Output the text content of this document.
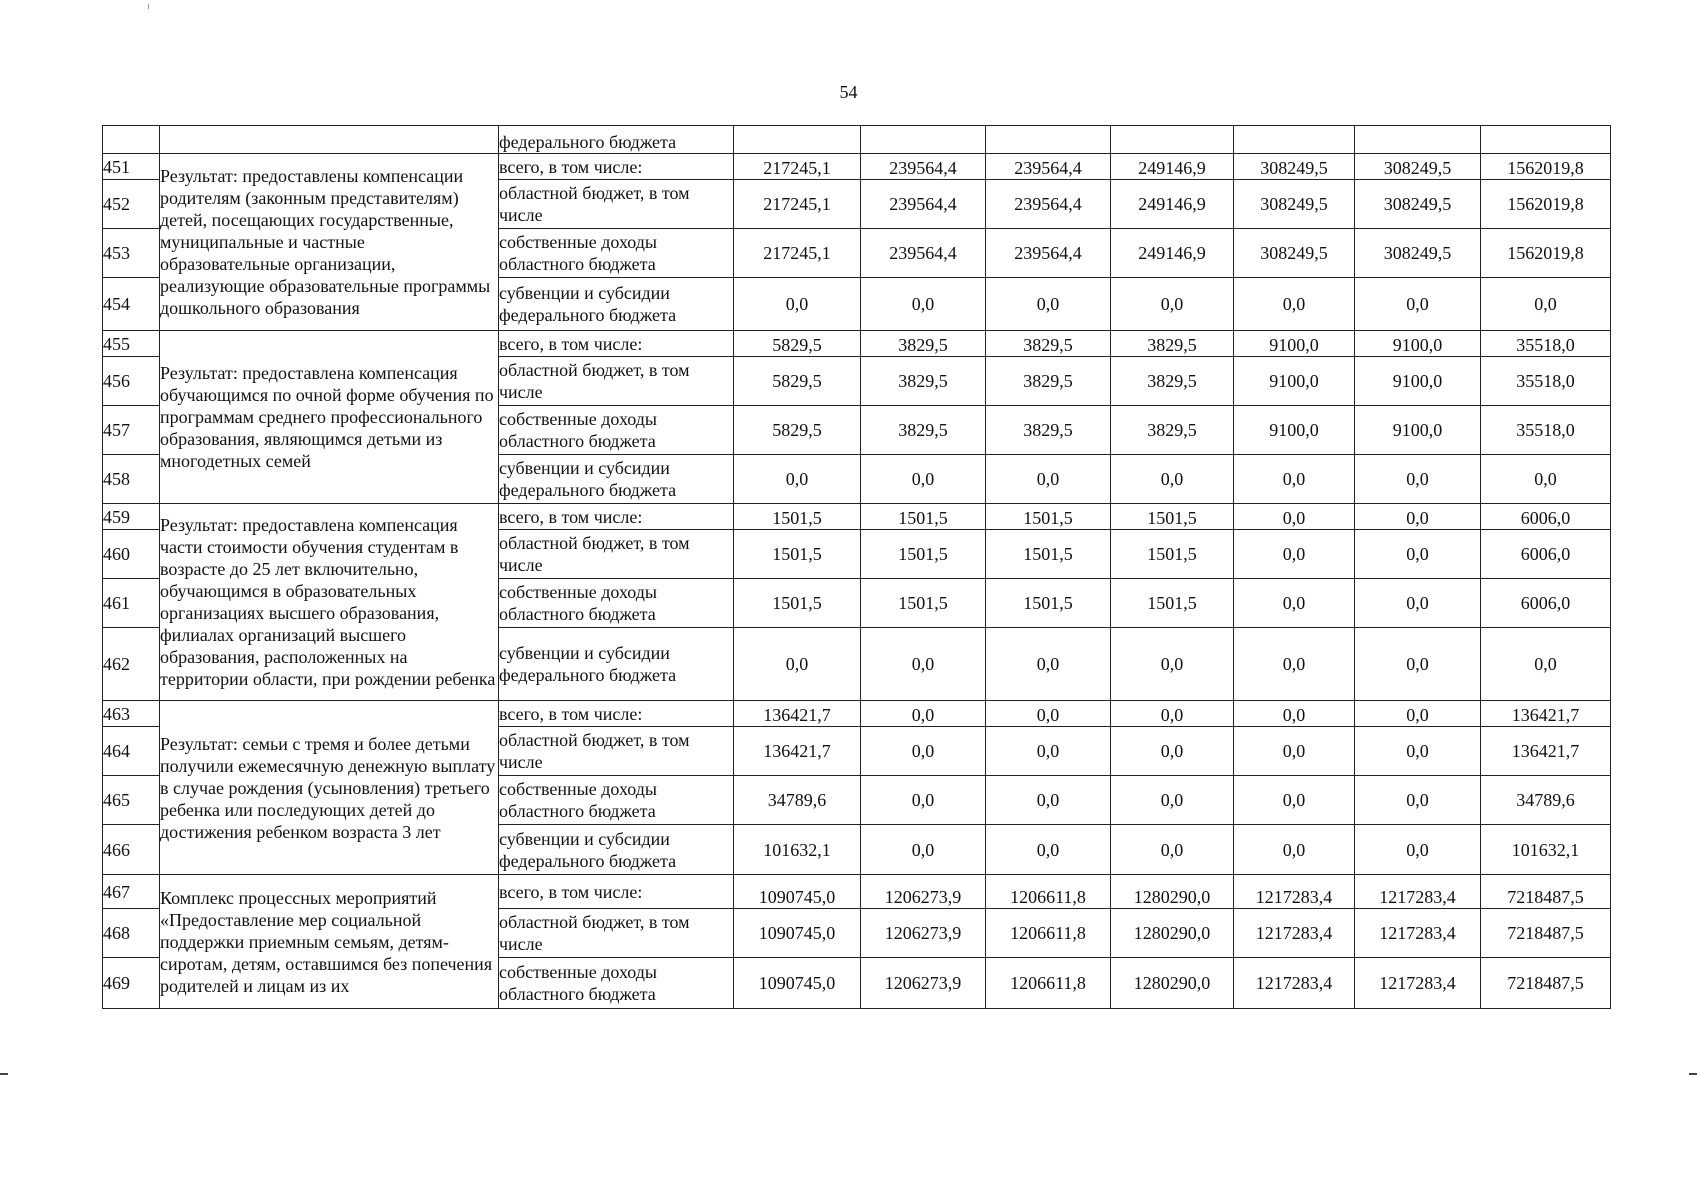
54
		федерального бюджета							
451	Результат: предоставлены компенсации родителям (законным представителям) детей, посещающих государственные, муниципальные и частные образовательные организации, реализующие образовательные программы дошкольного образования	всего, в том числе:	217245,1	239564,4	239564,4	249146,9	308249,5	308249,5	1562019,8
452		областной бюджет, в том числе	217245,1	239564,4	239564,4	249146,9	308249,5	308249,5	1562019,8
453		собственные доходы областного бюджета	217245,1	239564,4	239564,4	249146,9	308249,5	308249,5	1562019,8
454		субвенции и субсидии федерального бюджета	0,0	0,0	0,0	0,0	0,0	0,0	0,0
455	Результат: предоставлена компенсация обучающимся по очной форме обучения по программам среднего профессионального образования, являющимся детьми из многодетных семей	всего, в том числе:	5829,5	3829,5	3829,5	3829,5	9100,0	9100,0	35518,0
456		областной бюджет, в том числе	5829,5	3829,5	3829,5	3829,5	9100,0	9100,0	35518,0
457		собственные доходы областного бюджета	5829,5	3829,5	3829,5	3829,5	9100,0	9100,0	35518,0
458		субвенции и субсидии федерального бюджета	0,0	0,0	0,0	0,0	0,0	0,0	0,0
459	Результат: предоставлена компенсация части стоимости обучения студентам в возрасте до 25 лет включительно, обучающимся в образовательных организациях высшего образования, филиалах организаций высшего образования, расположенных на территории области, при рождении ребенка	всего, в том числе:	1501,5	1501,5	1501,5	1501,5	0,0	0,0	6006,0
460		областной бюджет, в том числе	1501,5	1501,5	1501,5	1501,5	0,0	0,0	6006,0
461		собственные доходы областного бюджета	1501,5	1501,5	1501,5	1501,5	0,0	0,0	6006,0
462		субвенции и субсидии федерального бюджета	0,0	0,0	0,0	0,0	0,0	0,0	0,0
463	Результат: семьи с тремя и более детьми получили ежемесячную денежную выплату в случае рождения (усыновления) третьего ребенка или последующих детей до достижения ребенком возраста 3 лет	всего, в том числе:	136421,7	0,0	0,0	0,0	0,0	0,0	136421,7
464		областной бюджет, в том числе	136421,7	0,0	0,0	0,0	0,0	0,0	136421,7
465		собственные доходы областного бюджета	34789,6	0,0	0,0	0,0	0,0	0,0	34789,6
466		субвенции и субсидии федерального бюджета	101632,1	0,0	0,0	0,0	0,0	0,0	101632,1
467	Комплекс процессных мероприятий «Предоставление мер социальной поддержки приемным семьям, детям-сиротам, детям, оставшимся без попечения родителей и лицам из их	всего, в том числе:	1090745,0	1206273,9	1206611,8	1280290,0	1217283,4	1217283,4	7218487,5
468		областной бюджет, в том числе	1090745,0	1206273,9	1206611,8	1280290,0	1217283,4	1217283,4	7218487,5
469		собственные доходы областного бюджета	1090745,0	1206273,9	1206611,8	1280290,0	1217283,4	1217283,4	7218487,5
